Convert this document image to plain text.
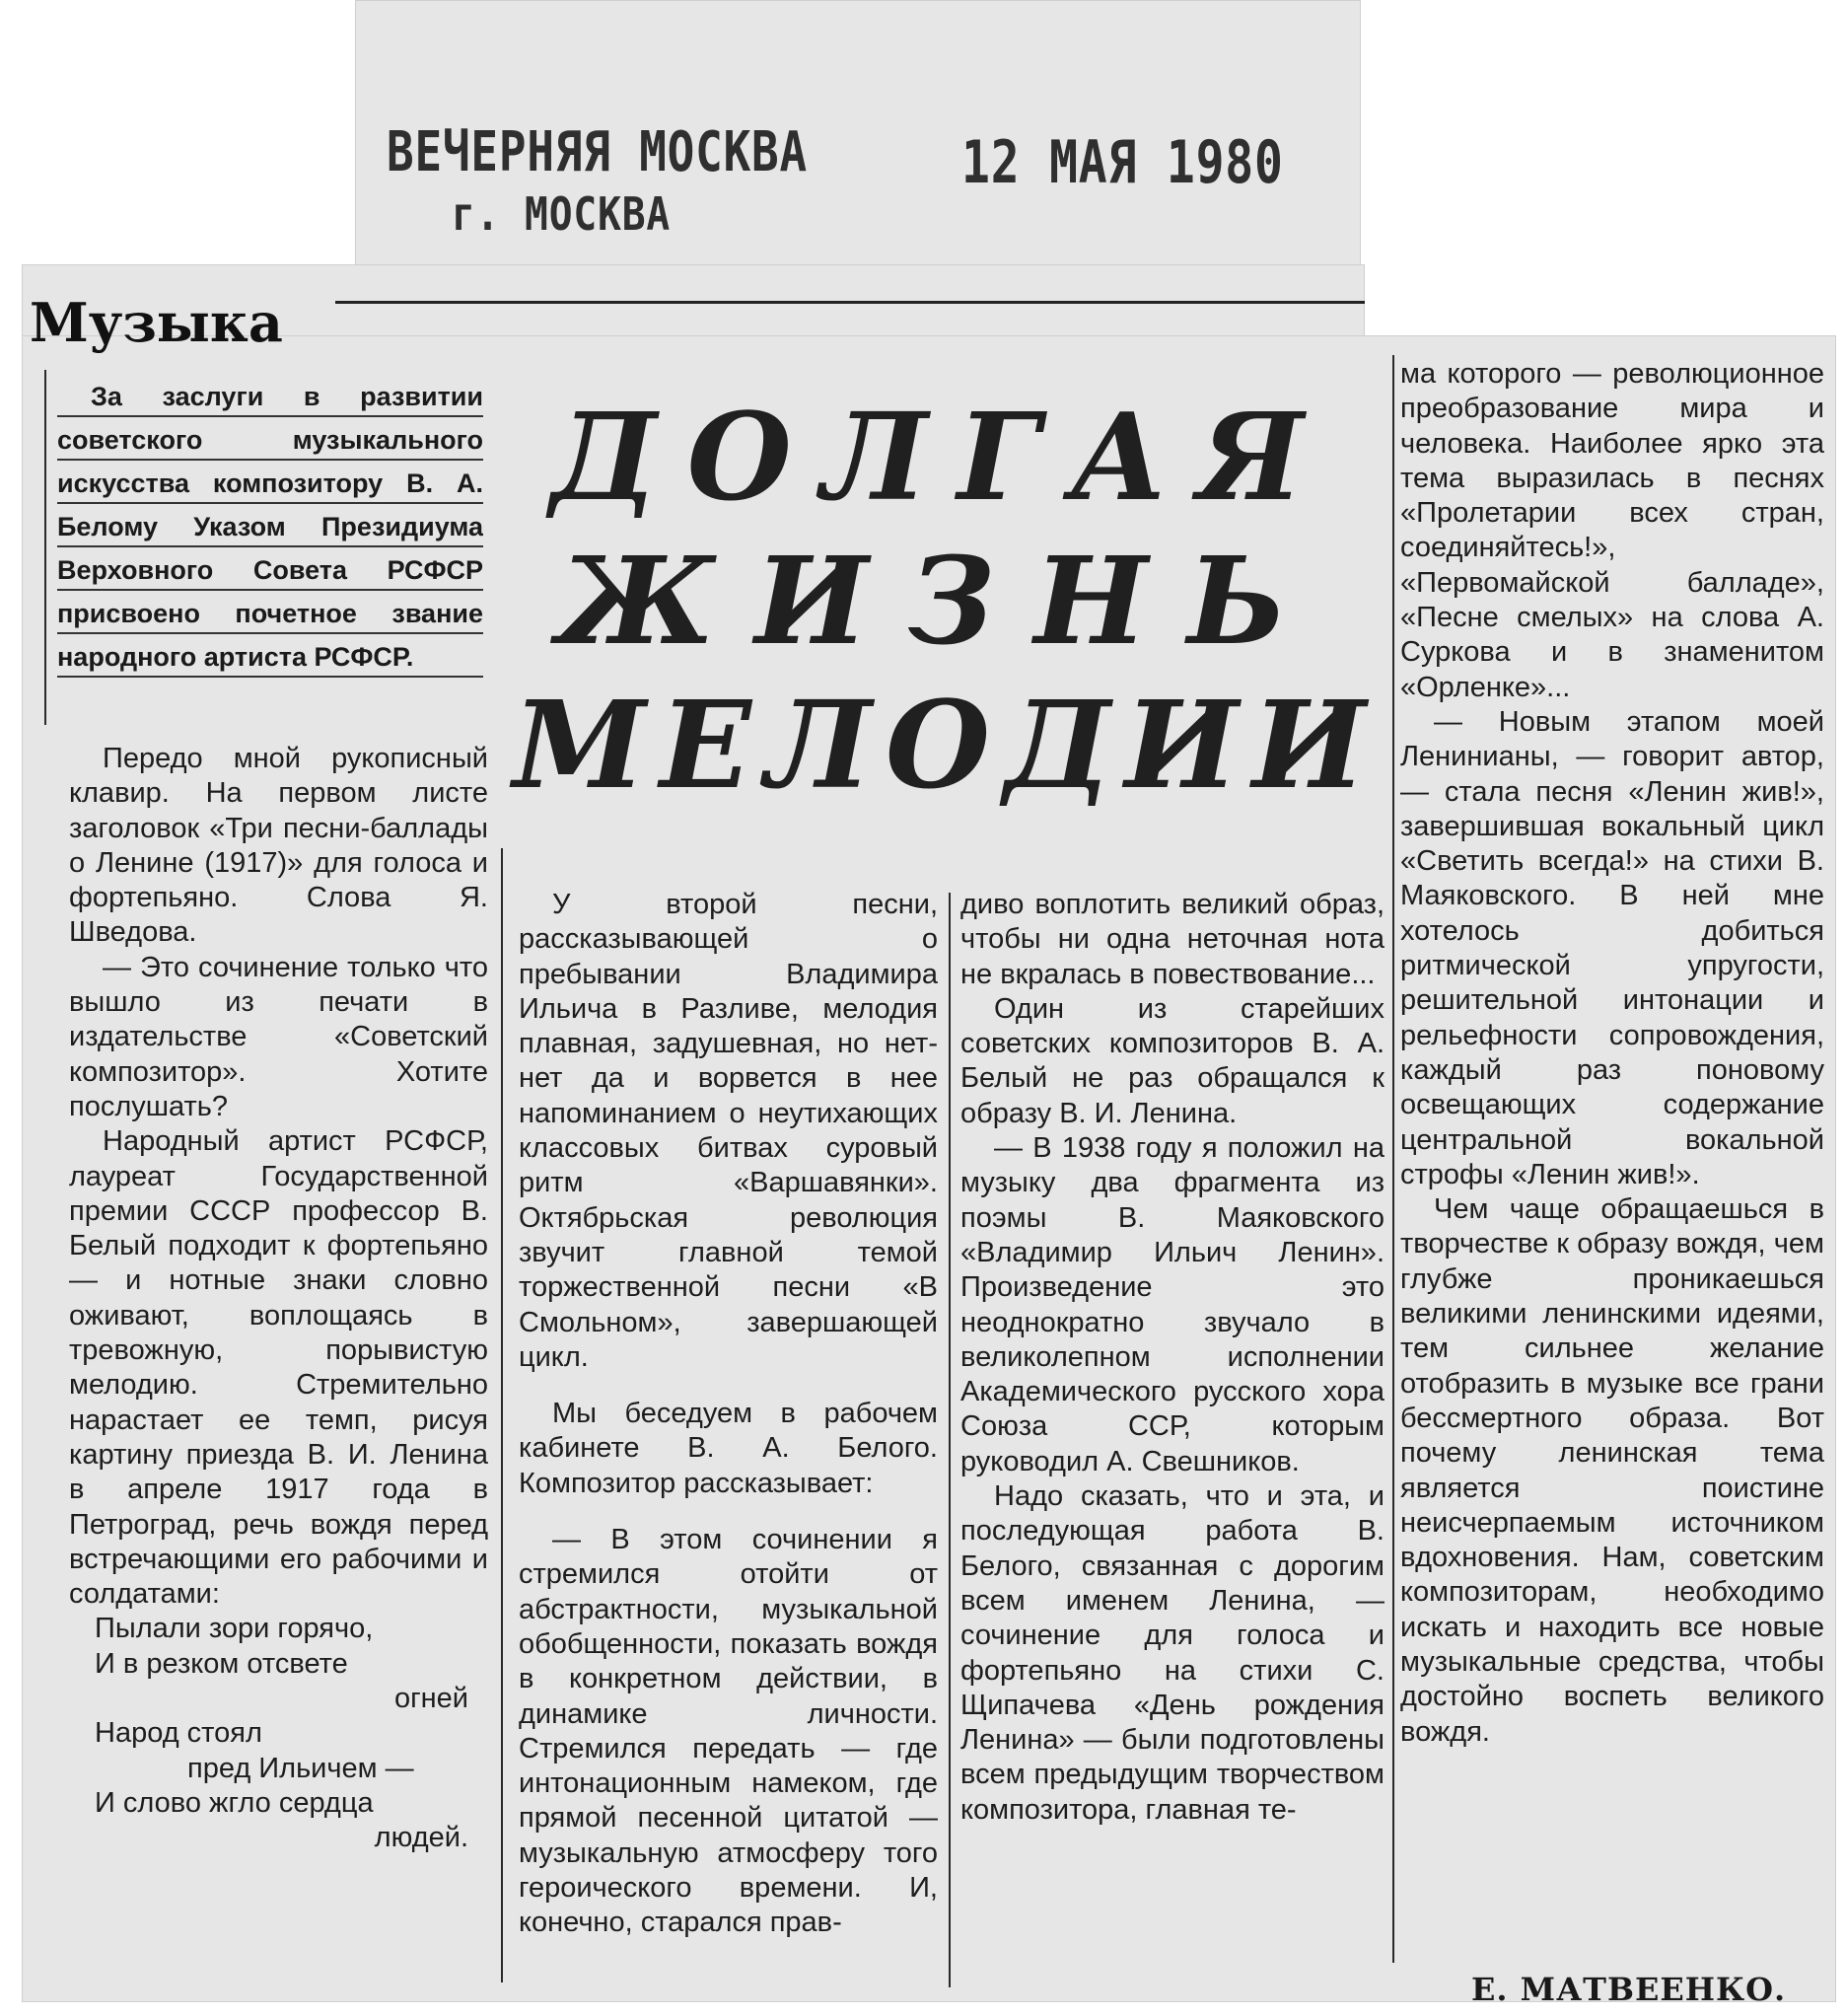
ВЕЧЕРНЯЯ МОСКВА
г. МОСКВА
12 МАЯ 1980
Музыка

За заслуги в развитии советского музыкального искусства композитору В. А. Белому Указом Президиума Верховного Совета РСФСР присвоено почетное звание народного артиста РСФСР.

ДОЛГАЯ
ЖИЗНЬ
МЕЛОДИИ

Передо мной рукописный клавир. На первом листе заголовок «Три песни-баллады о Ленине (1917)» для голоса и фортепьяно. Слова Я. Шведова.

— Это сочинение только что вышло из печати в издательстве «Советский композитор». Хотите послушать?

Народный артист РСФСР, лауреат Государственной премии СССР профессор В. Белый подходит к фортепьяно — и нотные знаки словно оживают, воплощаясь в тревожную, порывистую мелодию. Стремительно нарастает ее темп, рисуя картину приезда В. И. Ленина в апреле 1917 года в Петроград, речь вождя перед встречающими его рабочими и солдатами:

Пылали зори горячо,

И в резком отсвете

огней

Народ стоял

пред Ильичем —

И слово жгло сердца

людей.

У второй песни, рассказывающей о пребывании Владимира Ильича в Разливе, мелодия плавная, задушевная, но нет-нет да и ворвется в нее напоминанием о неутихающих классовых битвах суровый ритм «Варшавянки». Октябрьская революция звучит главной темой торжественной песни «В Смольном», завершающей цикл.

Мы беседуем в рабочем кабинете В. А. Белого. Композитор рассказывает:

— В этом сочинении я стремился отойти от абстрактности, музыкальной обобщенности, показать вождя в конкретном действии, в динамике личности. Стремился передать — где интонационным намеком, где прямой песенной цитатой — музыкальную атмосферу того героического времени. И, конечно, старался прав-

диво воплотить великий образ, чтобы ни одна неточная нота не вкралась в повествование...

Один из старейших советских композиторов В. А. Белый не раз обращался к образу В. И. Ленина.

— В 1938 году я положил на музыку два фрагмента из поэмы В. Маяковского «Владимир Ильич Ленин». Произведение это неоднократно звучало в великолепном исполнении Академического русского хора Союза ССР, которым руководил А. Свешников.

Надо сказать, что и эта, и последующая работа В. Белого, связанная с дорогим всем именем Ленина, — сочинение для голоса и фортепьяно на стихи С. Щипачева «День рождения Ленина» — были подготовлены всем предыдущим творчеством композитора, главная те-

ма которого — революционное преобразование мира и человека. Наиболее ярко эта тема выразилась в песнях «Пролетарии всех стран, соединяйтесь!», «Первомайской балладе», «Песне смелых» на слова А. Суркова и в знаменитом «Орленке»...

— Новым этапом моей Ленинианы, — говорит автор, — стала песня «Ленин жив!», завершившая вокальный цикл «Светить всегда!» на стихи В. Маяковского. В ней мне хотелось добиться ритмической упругости, решительной интонации и рельефности сопровождения, каждый раз поновому освещающих содержание центральной вокальной строфы «Ленин жив!».

Чем чаще обращаешься в творчестве к образу вождя, чем глубже проникаешься великими ленинскими идеями, тем сильнее желание отобразить в музыке все грани бессмертного образа. Вот почему ленинская тема является поистине неисчерпаемым источником вдохновения. Нам, советским композиторам, необходимо искать и находить все новые музыкальные средства, чтобы достойно воспеть великого вождя.

Е. МАТВЕЕНКО.
